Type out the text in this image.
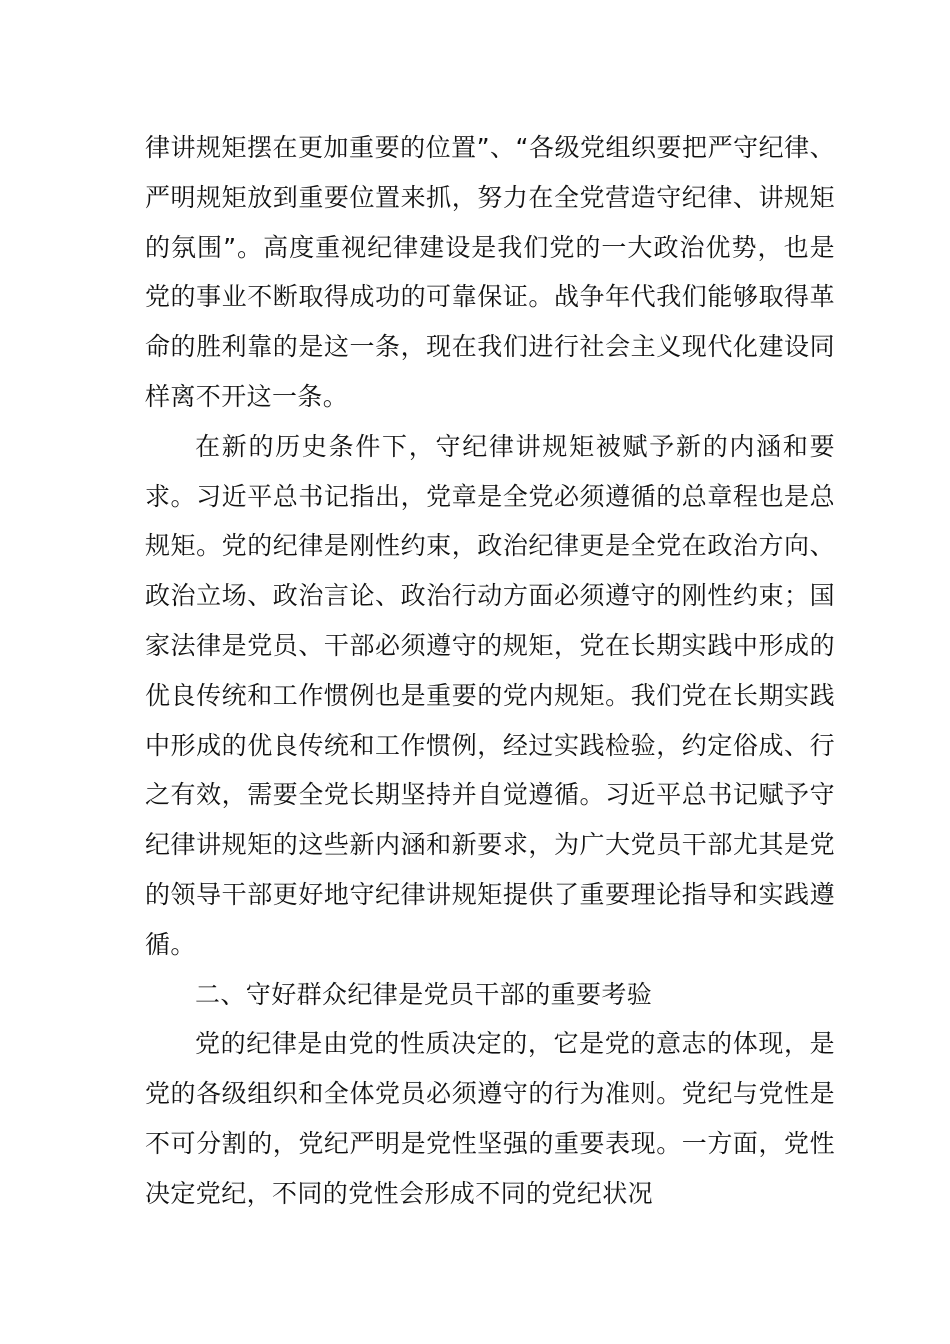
律讲规矩摆在更加重要的位置”、“各级党组织要把严守纪律、严明规矩放到重要位置来抓，努力在全党营造守纪律、讲规矩的氛围”。高度重视纪律建设是我们党的一大政治优势，也是党的事业不断取得成功的可靠保证。战争年代我们能够取得革命的胜利靠的是这一条，现在我们进行社会主义现代化建设同样离不开这一条。

在新的历史条件下，守纪律讲规矩被赋予新的内涵和要求。习近平总书记指出，党章是全党必须遵循的总章程也是总规矩。党的纪律是刚性约束，政治纪律更是全党在政治方向、政治立场、政治言论、政治行动方面必须遵守的刚性约束；国家法律是党员、干部必须遵守的规矩，党在长期实践中形成的优良传统和工作惯例也是重要的党内规矩。我们党在长期实践中形成的优良传统和工作惯例，经过实践检验，约定俗成、行之有效，需要全党长期坚持并自觉遵循。习近平总书记赋予守纪律讲规矩的这些新内涵和新要求，为广大党员干部尤其是党的领导干部更好地守纪律讲规矩提供了重要理论指导和实践遵循。

二、守好群众纪律是党员干部的重要考验

党的纪律是由党的性质决定的，它是党的意志的体现，是党的各级组织和全体党员必须遵守的行为准则。党纪与党性是不可分割的，党纪严明是党性坚强的重要表现。一方面，党性决定党纪，不同的党性会形成不同的党纪状况
